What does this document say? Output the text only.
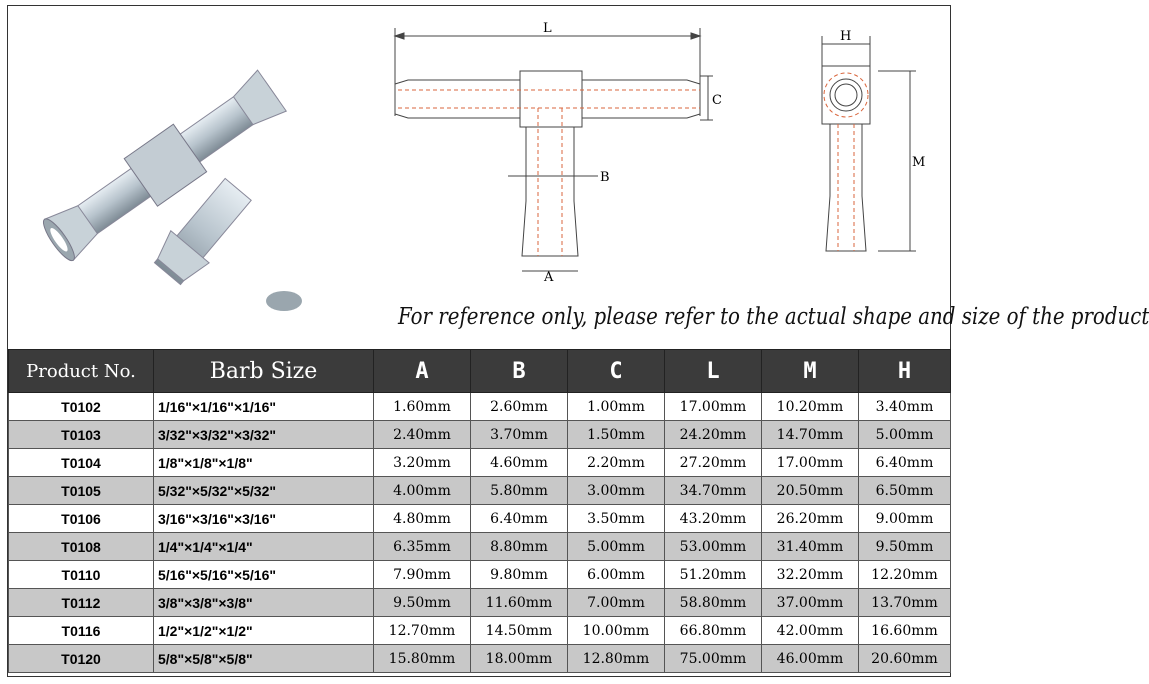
L
C
B
A
H
M
For reference only, please refer to the actual shape and size of the product
Product No.	Barb Size	A	B	C	L	M	H
T0102	1/16"×1/16"×1/16"	1.60mm	2.60mm	1.00mm	17.00mm	10.20mm	3.40mm
T0103	3/32"×3/32"×3/32"	2.40mm	3.70mm	1.50mm	24.20mm	14.70mm	5.00mm
T0104	1/8"×1/8"×1/8"	3.20mm	4.60mm	2.20mm	27.20mm	17.00mm	6.40mm
T0105	5/32"×5/32"×5/32"	4.00mm	5.80mm	3.00mm	34.70mm	20.50mm	6.50mm
T0106	3/16"×3/16"×3/16"	4.80mm	6.40mm	3.50mm	43.20mm	26.20mm	9.00mm
T0108	1/4"×1/4"×1/4"	6.35mm	8.80mm	5.00mm	53.00mm	31.40mm	9.50mm
T0110	5/16"×5/16"×5/16"	7.90mm	9.80mm	6.00mm	51.20mm	32.20mm	12.20mm
T0112	3/8"×3/8"×3/8"	9.50mm	11.60mm	7.00mm	58.80mm	37.00mm	13.70mm
T0116	1/2"×1/2"×1/2"	12.70mm	14.50mm	10.00mm	66.80mm	42.00mm	16.60mm
T0120	5/8"×5/8"×5/8"	15.80mm	18.00mm	12.80mm	75.00mm	46.00mm	20.60mm
